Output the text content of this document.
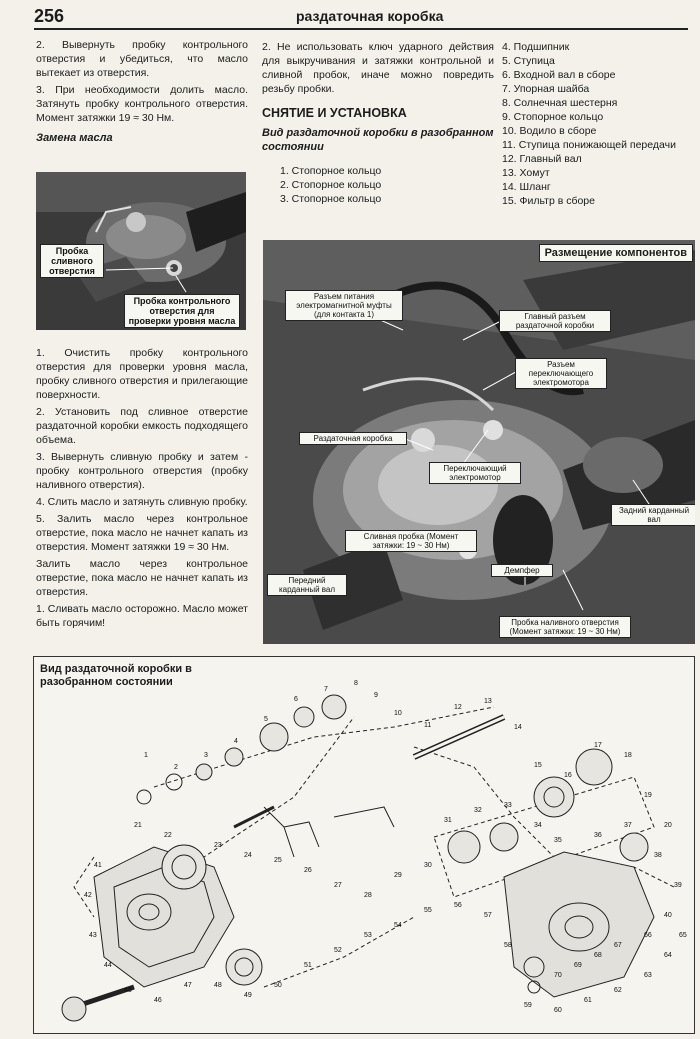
256	раздаточная коробка

2. Вывернуть пробку контрольного отверстия и убедиться, что масло вытекает из отверстия.

3. При необходимости долить масло. Затянуть пробку контрольного отверстия. Момент затяжки 19 ≈ 30 Нм.

Замена масла
Пробка сливного отверстия
Пробка контрольного отверстия для проверки уровня масла

1. Очистить пробку контрольного отверстия для проверки уровня масла, пробку сливного отверстия и прилегающие поверхности.

2. Установить под сливное отверстие раздаточной коробки емкость подходящего объема.

3. Вывернуть сливную пробку и затем - пробку контрольного отверстия (пробку наливного отверстия).

4. Слить масло и затянуть сливную пробку.

5. Залить масло через контрольное отверстие, пока масло не начнет капать из отверстия. Момент затяжки 19 ≈ 30 Нм.

Залить масло через контрольное отверстие, пока масло не начнет капать из отверстия.

1. Сливать масло осторожно. Масло может быть горячим!

2. Не использовать ключ ударного действия для выкручивания и затяжки контрольной и сливной пробок, иначе можно повредить резьбу пробки.

СНЯТИЕ И УСТАНОВКА
Вид раздаточной коробки в разобранном состоянии
1. Стопорное кольцо
2. Стопорное кольцо
3. Стопорное кольцо
4. Подшипник
5. Ступица
6. Входной вал в сборе
7. Упорная шайба
8. Солнечная шестерня
9. Стопорное кольцо
10. Водило в сборе
11. Ступица понижающей передачи
12. Главный вал
13. Хомут
14. Шланг
15. Фильтр в сборе
Размещение компонентов
Разъем питания электромагнитной муфты (для контакта 1)	Главный разъем раздаточной коробки
Разъем переключающего электромотора
Раздаточная коробка
Переключающий электромотор
Сливная пробка (Момент затяжки: 19 ~ 30 Нм)
Демпфер
Передний карданный вал
Задний карданный вал
Пробка наливного отверстия (Момент затяжки: 19 ~ 30 Нм)
Вид раздаточной коробки в разобранном состоянии
1
2
3
4
5
6
7
8
9
10
11
12
13
14
15
16
17
18
19
20
21
22
23
24
25
26
27
28
29
30
31
32
33
34
35
36
37
38
39
40
41
42
43
44
45
46
47	48
49
50
51
52
53
54
55
56
57
58
59
60
61
62
63
64
65
66
67
68
69
70
